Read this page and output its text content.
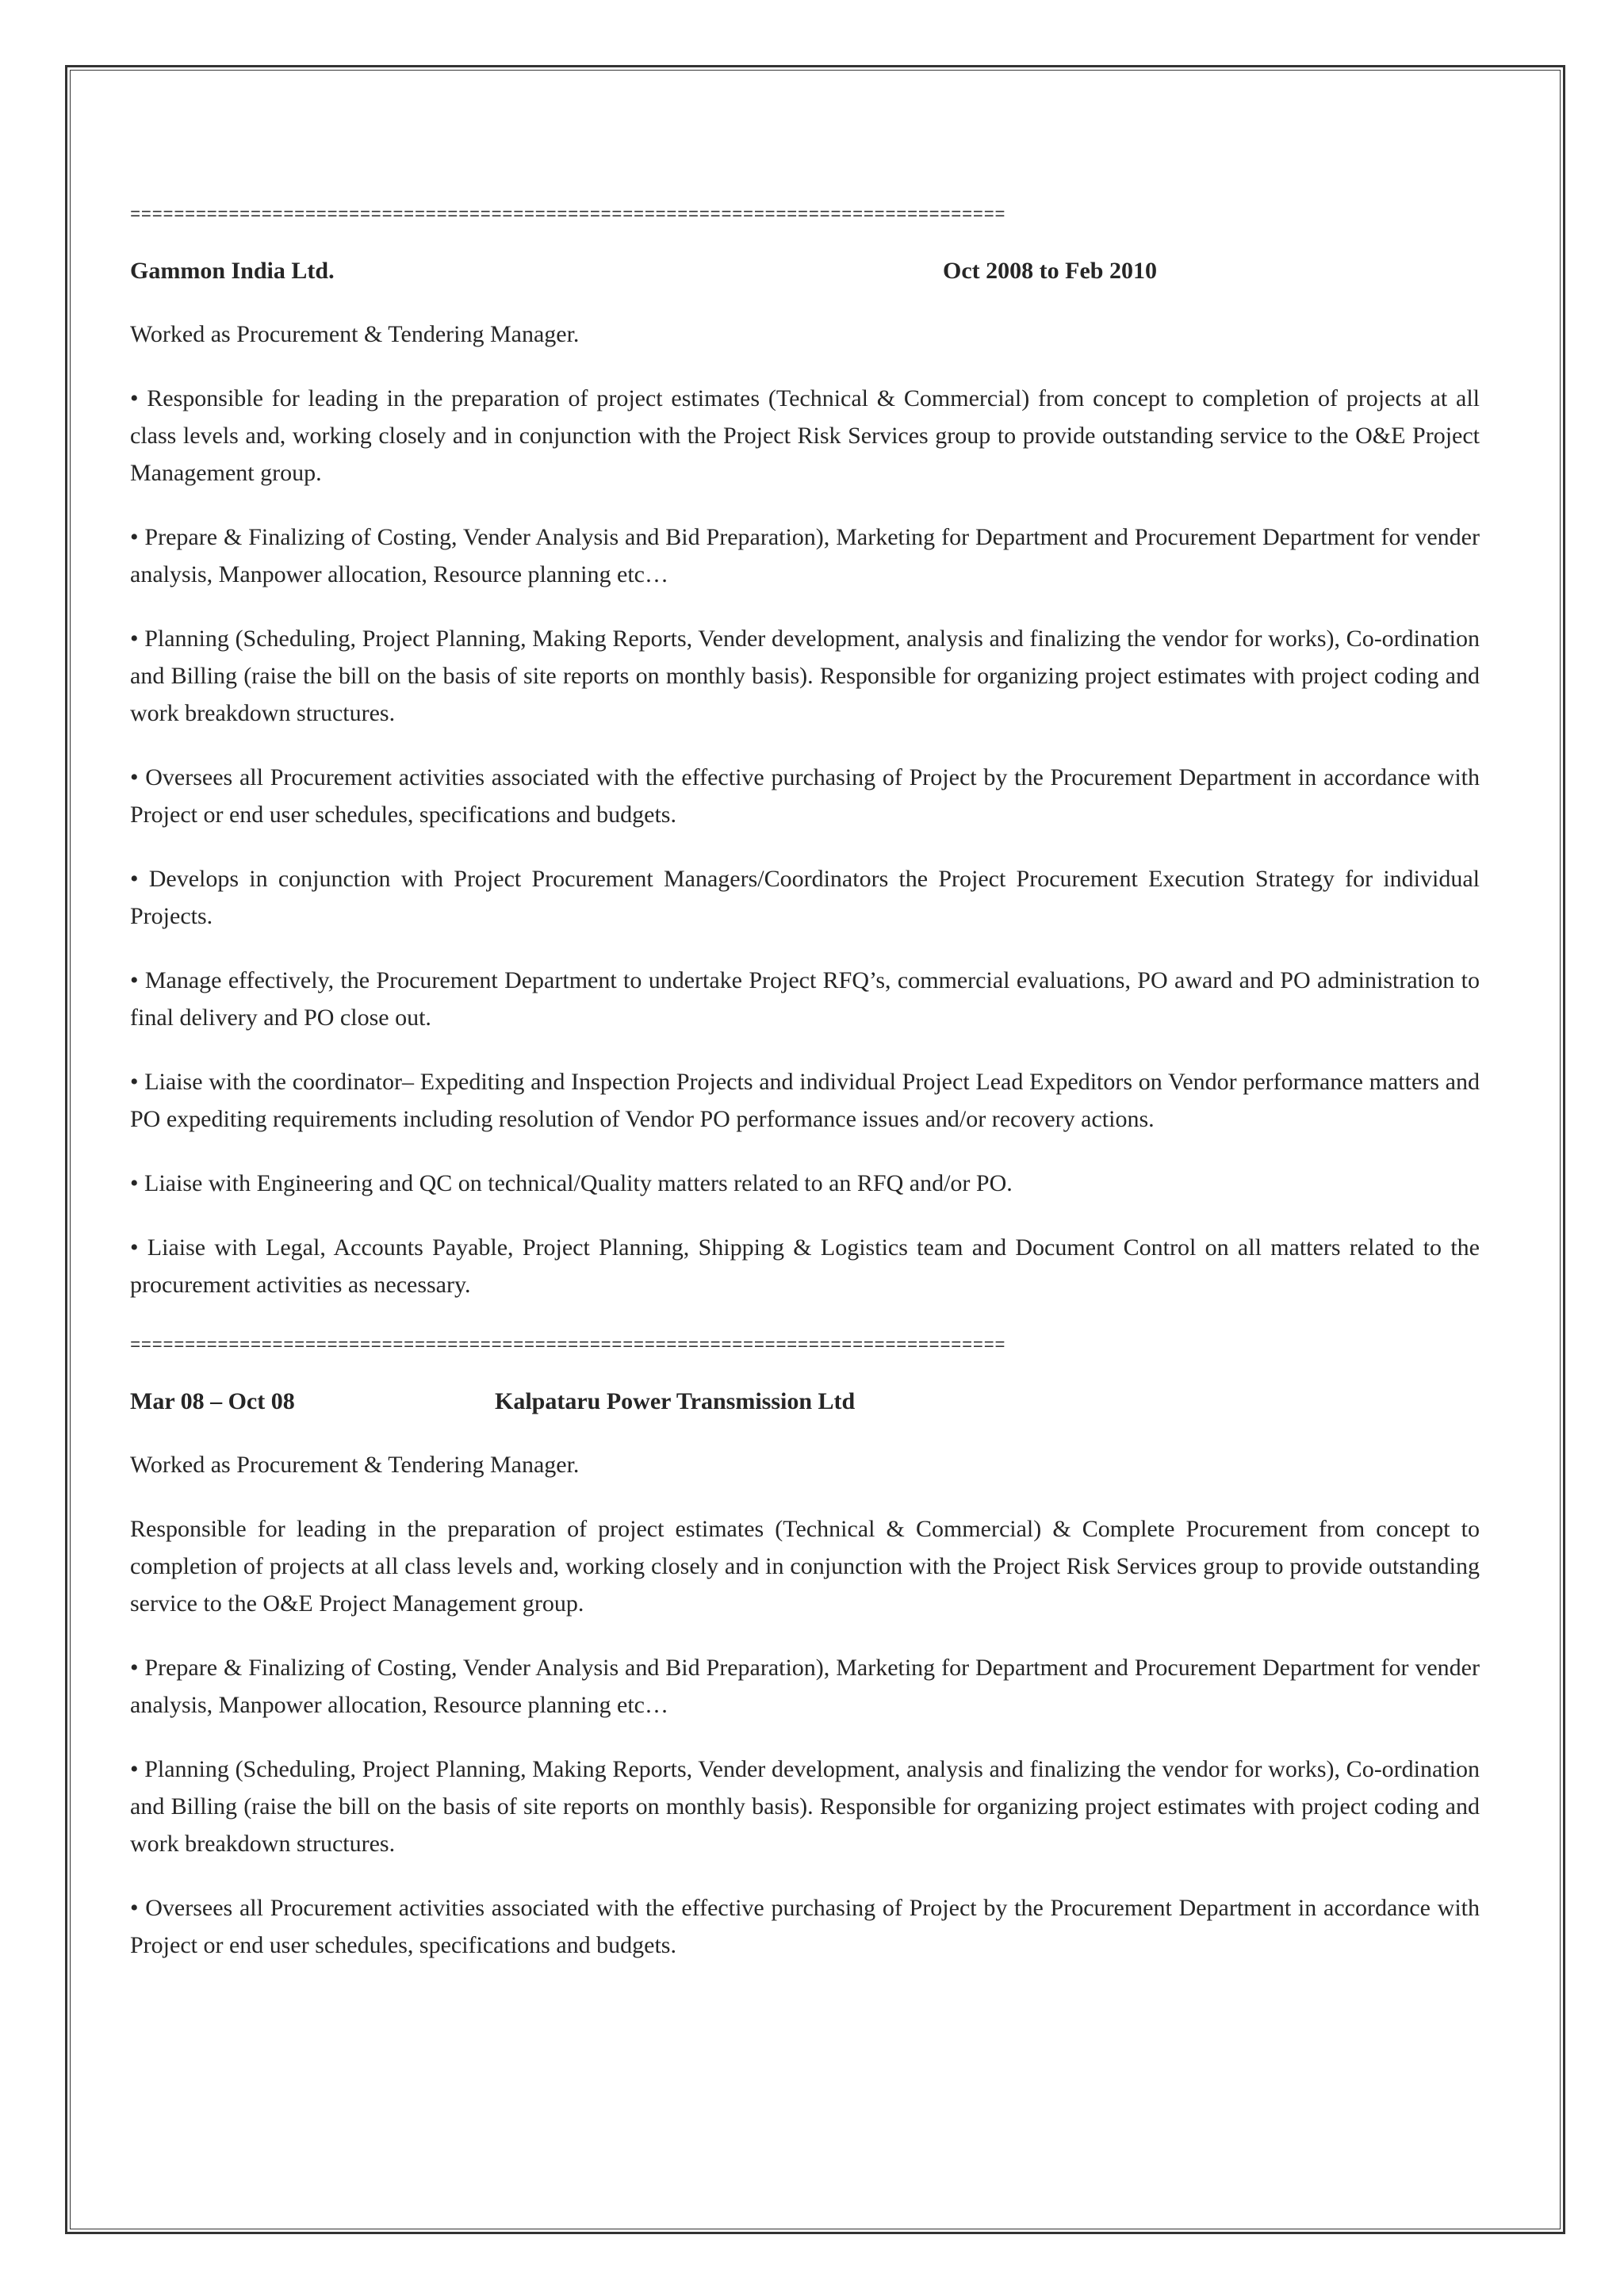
================================================================================
Gammon India Ltd.	Oct 2008 to Feb 2010

Worked as Procurement & Tendering Manager.

• Responsible for leading in the preparation of project estimates (Technical & Commercial) from concept to completion of projects at all class levels and, working closely and in conjunction with the Project Risk Services group to provide outstanding service to the O&E Project Management group.

• Prepare & Finalizing of Costing, Vender Analysis and Bid Preparation), Marketing for Department and Procurement Department for vender analysis, Manpower allocation, Resource planning etc…

• Planning (Scheduling, Project Planning, Making Reports, Vender development, analysis and finalizing the vendor for works), Co-ordination and Billing (raise the bill on the basis of site reports on monthly basis). Responsible for organizing project estimates with project coding and work breakdown structures.

• Oversees all Procurement activities associated with the effective purchasing of Project by the Procurement Department in accordance with Project or end user schedules, specifications and budgets.

• Develops in conjunction with Project Procurement Managers/Coordinators the Project Procurement Execution Strategy for individual Projects.

• Manage effectively, the Procurement Department to undertake Project RFQ’s, commercial evaluations, PO award and PO administration to final delivery and PO close out.

• Liaise with the coordinator– Expediting and Inspection Projects and individual Project Lead Expeditors on Vendor performance matters and PO expediting requirements including resolution of Vendor PO performance issues and/or recovery actions.

• Liaise with Engineering and QC on technical/Quality matters related to an RFQ and/or PO.

• Liaise with Legal, Accounts Payable, Project Planning, Shipping & Logistics team and Document Control on all matters related to the procurement activities as necessary.

================================================================================
Mar 08 – Oct 08	Kalpataru Power Transmission Ltd

Worked as Procurement & Tendering Manager.

Responsible for leading in the preparation of project estimates (Technical & Commercial) & Complete Procurement from concept to completion of projects at all class levels and, working closely and in conjunction with the Project Risk Services group to provide outstanding service to the O&E Project Management group.

• Prepare & Finalizing of Costing, Vender Analysis and Bid Preparation), Marketing for Department and Procurement Department for vender analysis, Manpower allocation, Resource planning etc…

• Planning (Scheduling, Project Planning, Making Reports, Vender development, analysis and finalizing the vendor for works), Co-ordination and Billing (raise the bill on the basis of site reports on monthly basis). Responsible for organizing project estimates with project coding and work breakdown structures.

• Oversees all Procurement activities associated with the effective purchasing of Project by the Procurement Department in accordance with Project or end user schedules, specifications and budgets.
